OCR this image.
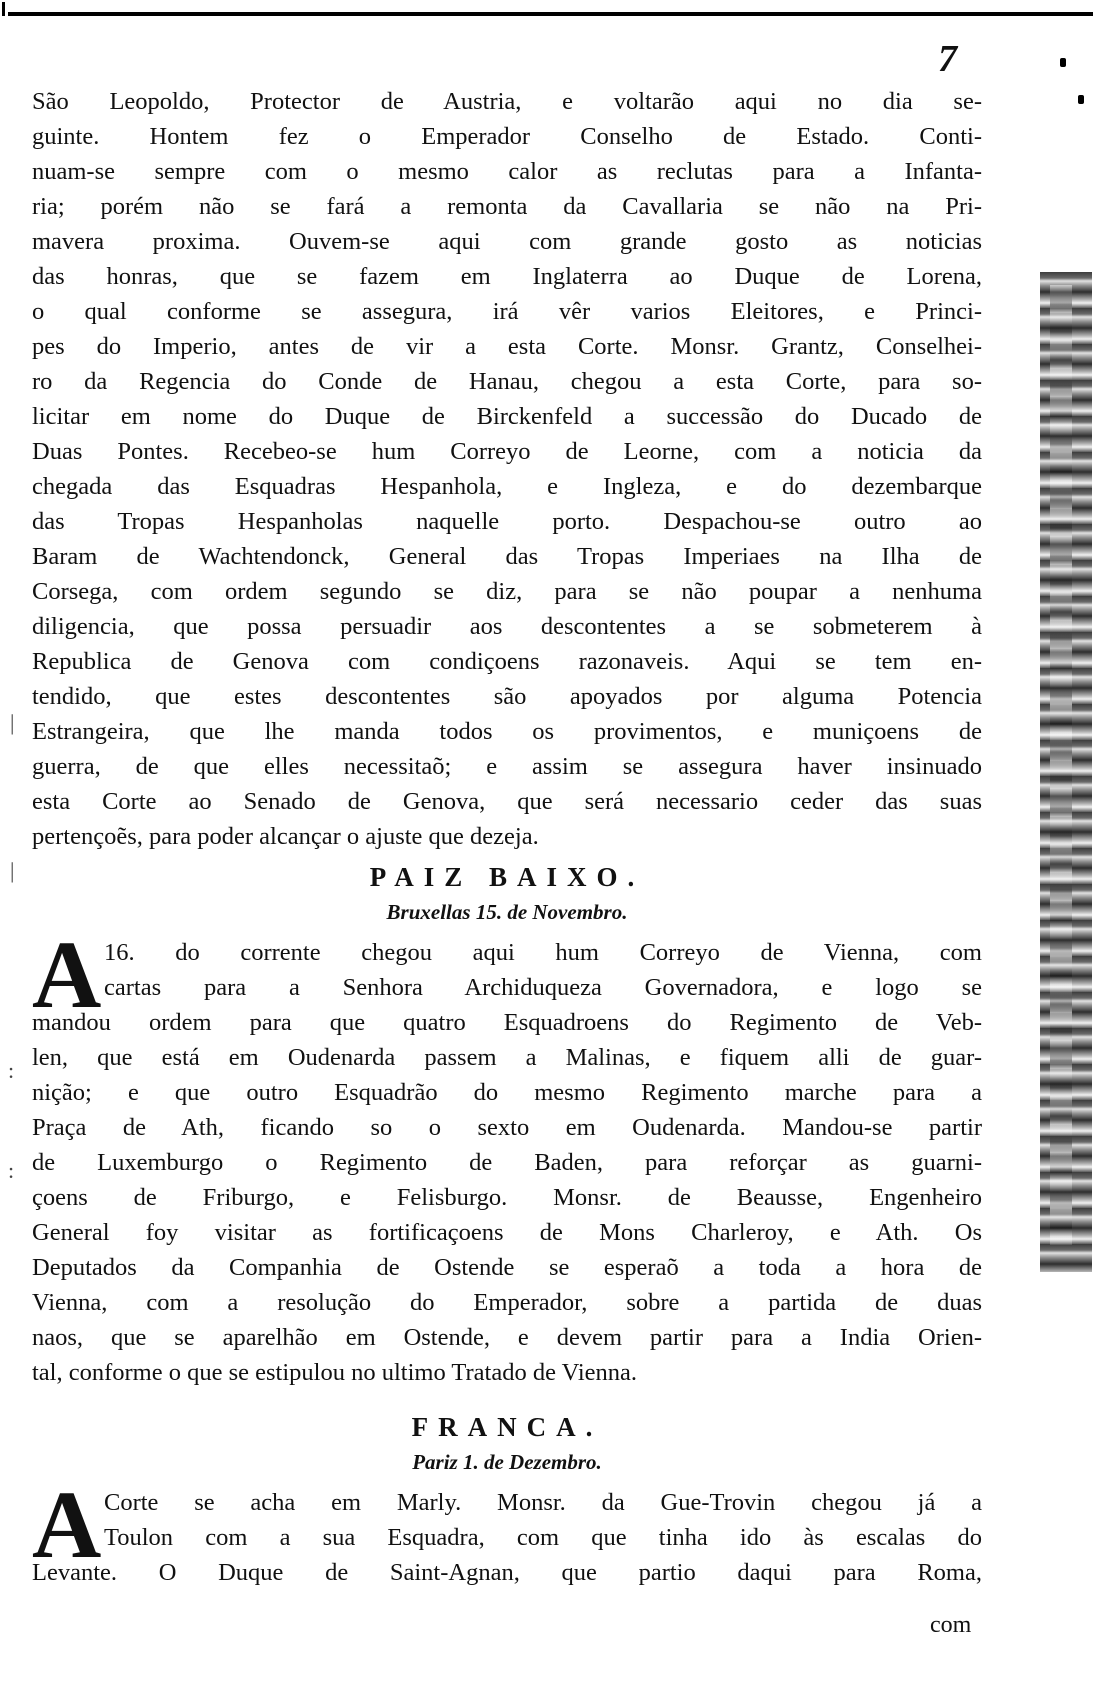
7
|
|
:
:
São Leopoldo, Protector de Austria, e voltarão aqui no dia se-
guinte. Hontem fez o Emperador Conselho de Estado. Conti-
nuam-se sempre com o mesmo calor as reclutas para a Infanta-
ria; porém não se fará a remonta da Cavallaria se não na Pri-
mavera proxima. Ouvem-se aqui com grande gosto as noticias
das honras, que se fazem em Inglaterra ao Duque de Lorena,
o qual conforme se assegura, irá vêr varios Eleitores, e Princi-
pes do Imperio, antes de vir a esta Corte. Monsr. Grantz, Conselhei-
ro da Regencia do Conde de Hanau, chegou a esta Corte, para so-
licitar em nome do Duque de Birckenfeld a successão do Ducado de
Duas Pontes. Recebeo-se hum Correyo de Leorne, com a noticia da
chegada das Esquadras Hespanhola, e Ingleza, e do dezembarque
das Tropas Hespanholas naquelle porto. Despachou-se outro ao
Baram de Wachtendonck, General das Tropas Imperiaes na Ilha de
Corsega, com ordem segundo se diz, para se não poupar a nenhuma
diligencia, que possa persuadir aos descontentes a se sobmeterem à
Republica de Genova com condiçoens razonaveis. Aqui se tem en-
tendido, que estes descontentes são apoyados por alguma Potencia
Estrangeira, que lhe manda todos os provimentos, e muniçoens de
guerra, de que elles necessitaõ; e assim se assegura haver insinuado
esta Corte ao Senado de Genova, que será necessario ceder das suas
pertençoẽs, para poder alcançar o ajuste que dezeja.
PAIZ BAIXO.
Bruxellas 15. de Novembro.
A 16. do corrente chegou aqui hum Correyo de Vienna, com
cartas para a Senhora Archiduqueza Governadora, e logo se
mandou ordem para que quatro Esquadroens do Regimento de Veb-
len, que está em Oudenarda passem a Malinas, e fiquem alli de guar-
nição; e que outro Esquadrão do mesmo Regimento marche para a
Praça de Ath, ficando so o sexto em Oudenarda. Mandou-se partir
de Luxemburgo o Regimento de Baden, para reforçar as guarni-
çoens de Friburgo, e Felisburgo. Monsr. de Beausse, Engenheiro
General foy visitar as fortificaçoens de Mons Charleroy, e Ath. Os
Deputados da Companhia de Ostende se esperaõ a toda a hora de
Vienna, com a resolução do Emperador, sobre a partida de duas
naos, que se aparelhão em Ostende, e devem partir para a India Orien-
tal, conforme o que se estipulou no ultimo Tratado de Vienna.
FRANCA.
Pariz 1. de Dezembro.
A Corte se acha em Marly. Monsr. da Gue-Trovin chegou já a
Toulon com a sua Esquadra, com que tinha ido às escalas do
Levante. O Duque de Saint-Agnan, que partio daqui para Roma,
com
